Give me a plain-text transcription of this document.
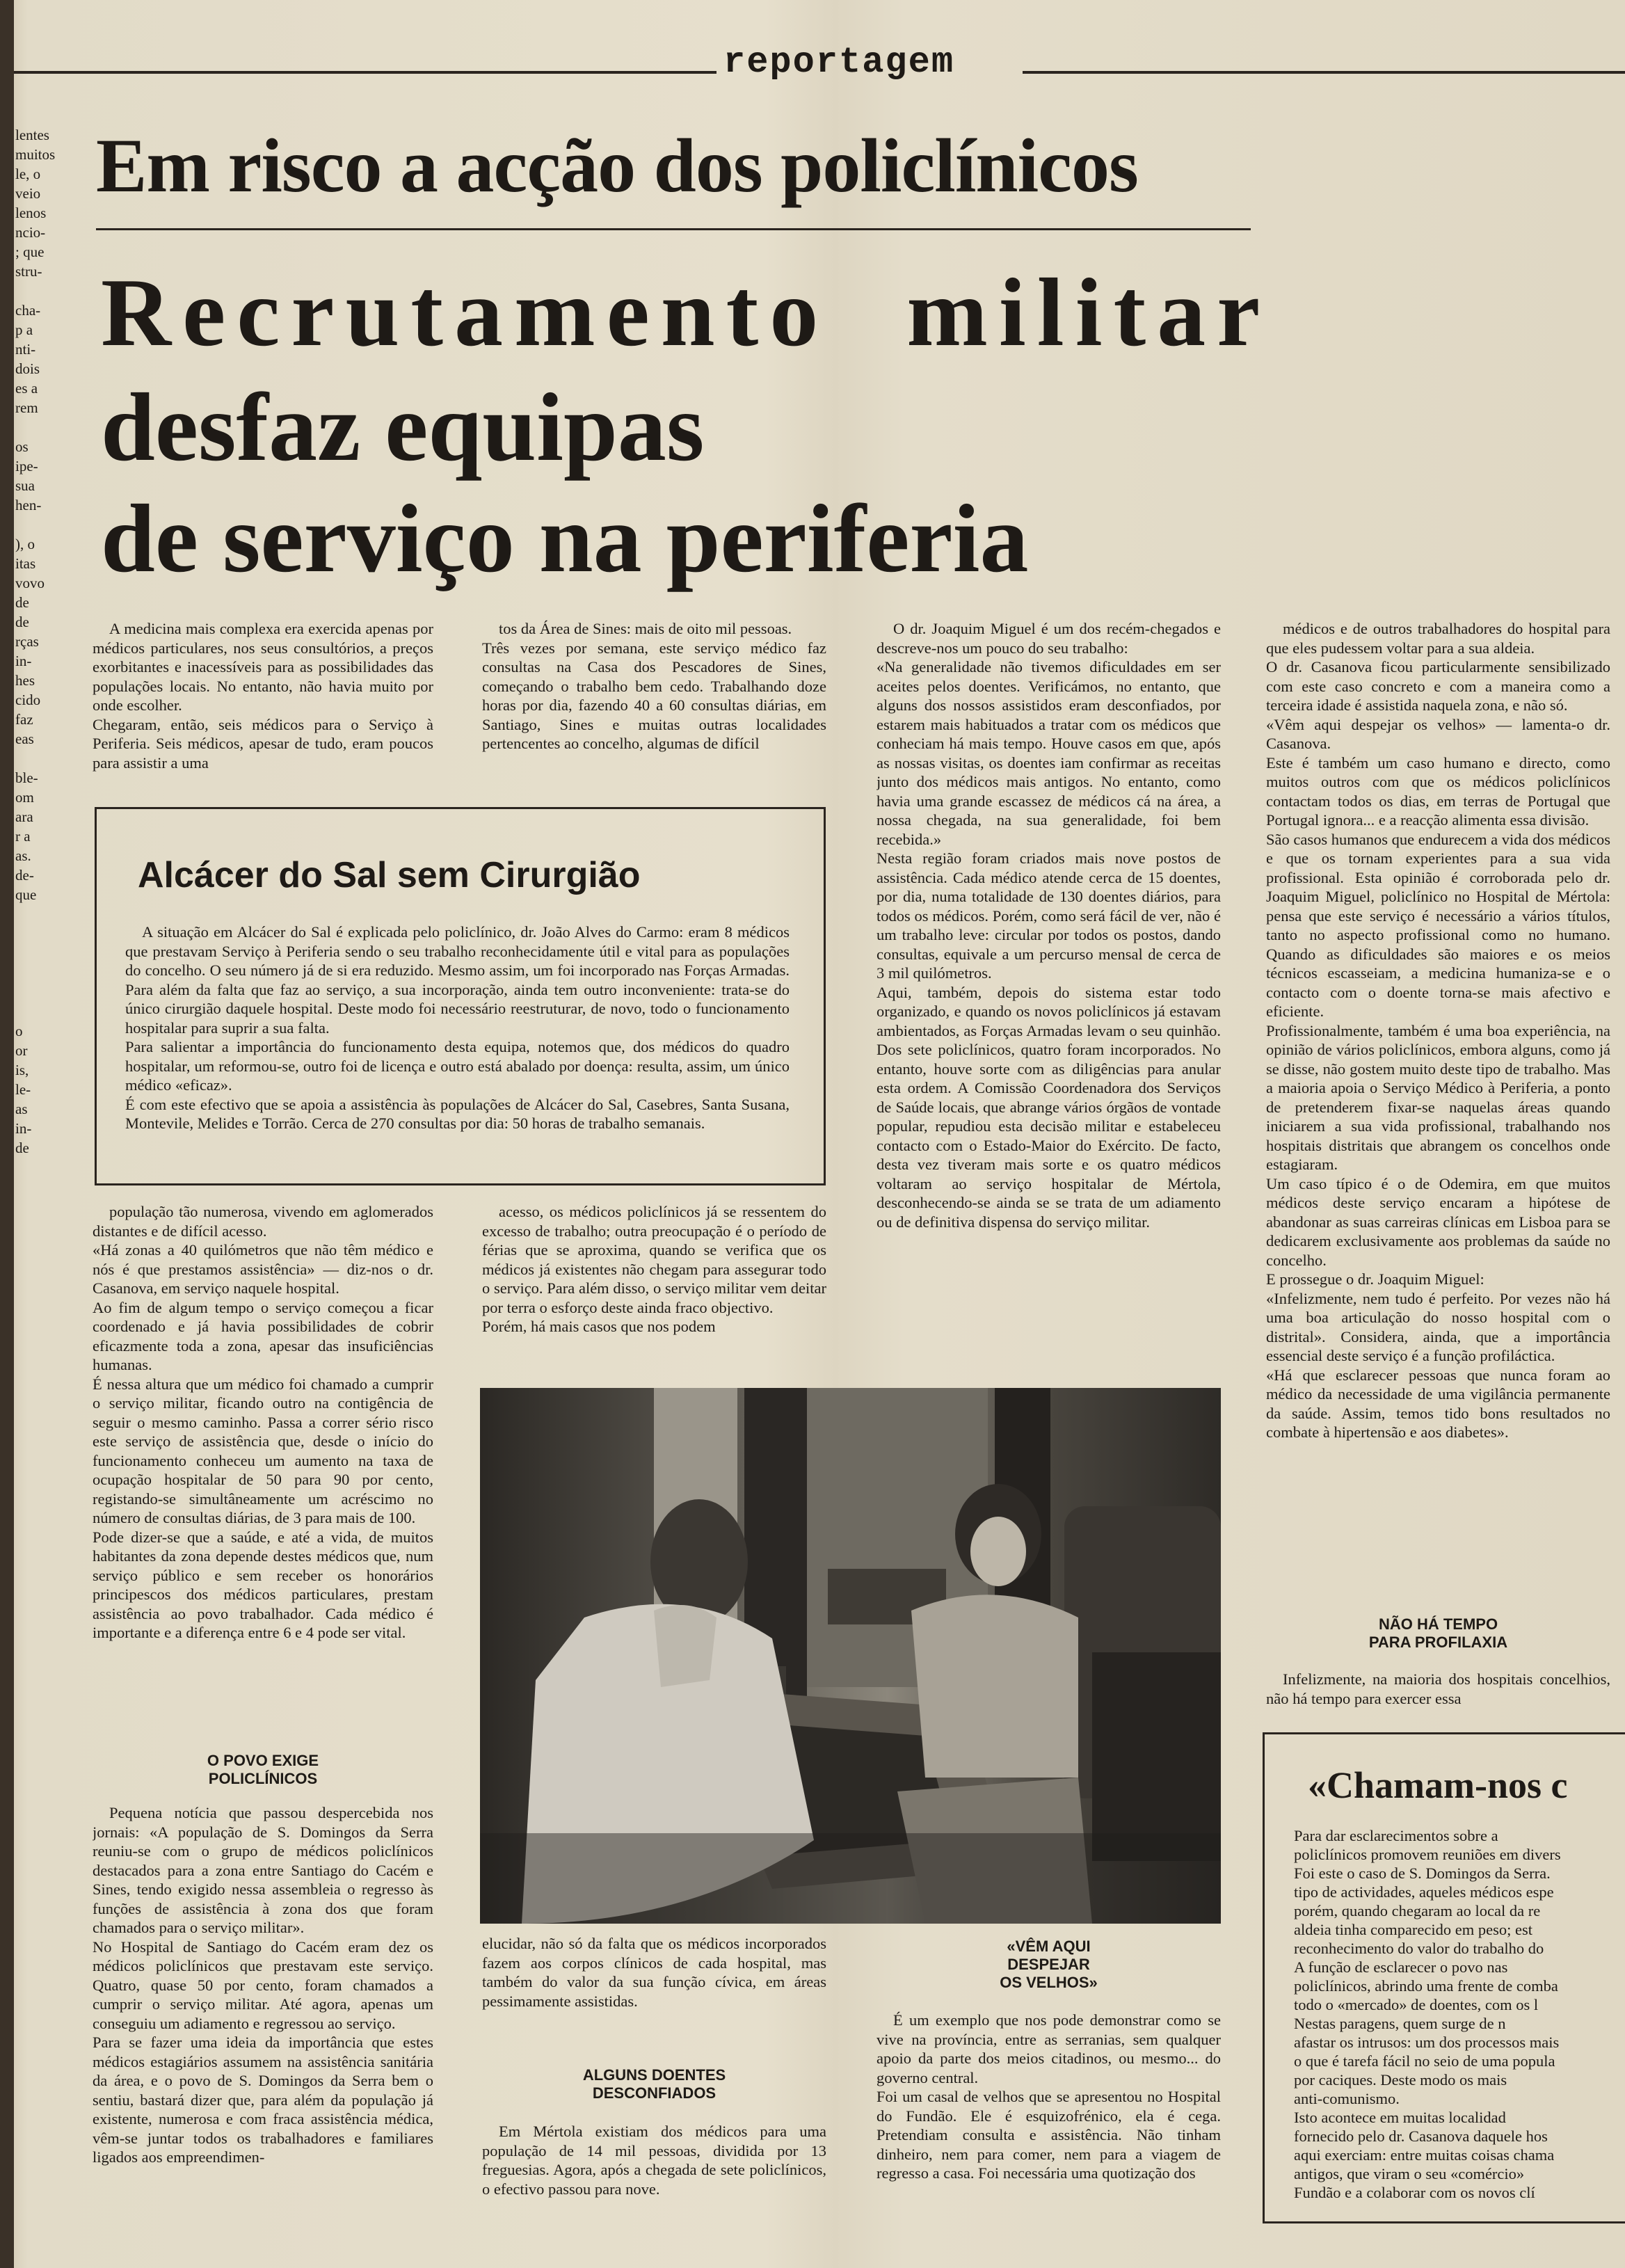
lentes
muitos
le, o
veio
lenos
ncio-
; que
stru-

cha-
p a
nti-
dois
es a
rem

os
ipe-
sua
hen-

), o
itas
vovo
de
de
rças
in-
hes
cido
faz
eas

ble-
om
ara
r a
as.
de-
que

o
or
is,
le-
as
in-
de
reportagem
Em risco a acção dos policlínicos
Recrutamento militar
desfaz equipas
de serviço na periferia

A medicina mais complexa era exercida apenas por médicos particulares, nos seus consultórios, a preços exorbitantes e inacessíveis para as possibilidades das populações locais. No entanto, não havia muito por onde escolher.
Chegaram, então, seis médicos para o Serviço à Periferia. Seis médicos, apesar de tudo, eram poucos para assistir a uma

tos da Área de Sines: mais de oito mil pessoas.
Três vezes por semana, este serviço médico faz consultas na Casa dos Pescadores de Sines, começando o trabalho bem cedo. Trabalhando doze horas por dia, fazendo 40 a 60 consultas diárias, em Santiago, Sines e muitas outras localidades pertencentes ao concelho, algumas de difícil

Alcácer do Sal sem Cirurgião

A situação em Alcácer do Sal é explicada pelo policlínico, dr. João Alves do Carmo: eram 8 médicos que prestavam Serviço à Periferia sendo o seu trabalho reconhecidamente útil e vital para as populações do concelho. O seu número já de si era reduzido. Mesmo assim, um foi incorporado nas Forças Armadas. Para além da falta que faz ao serviço, a sua incorporação, ainda tem outro inconveniente: trata-se do único cirurgião daquele hospital. Deste modo foi necessário reestruturar, de novo, todo o funcionamento hospitalar para suprir a sua falta.
Para salientar a importância do funcionamento desta equipa, notemos que, dos médicos do quadro hospitalar, um reformou-se, outro foi de licença e outro está abalado por doença: resulta, assim, um único médico «eficaz».
É com este efectivo que se apoia a assistência às populações de Alcácer do Sal, Casebres, Santa Susana, Montevile, Melides e Torrão. Cerca de 270 consultas por dia: 50 horas de trabalho semanais.

população tão numerosa, vivendo em aglomerados distantes e de difícil acesso.
«Há zonas a 40 quilómetros que não têm médico e nós é que prestamos assistência» — diz-nos o dr. Casanova, em serviço naquele hospital.
Ao fim de algum tempo o serviço começou a ficar coordenado e já havia possibilidades de cobrir eficazmente toda a zona, apesar das insuficiências humanas.
É nessa altura que um médico foi chamado a cumprir o serviço militar, ficando outro na contigência de seguir o mesmo caminho. Passa a correr sério risco este serviço de assistência que, desde o início do funcionamento conheceu um aumento na taxa de ocupação hospitalar de 50 para 90 por cento, registando-se simultâneamente um acréscimo no número de consultas diárias, de 3 para mais de 100.
Pode dizer-se que a saúde, e até a vida, de muitos habitantes da zona depende destes médicos que, num serviço público e sem receber os honorários principescos dos médicos particulares, prestam assistência ao povo trabalhador. Cada médico é importante e a diferença entre 6 e 4 pode ser vital.

O POVO EXIGE
POLICLÍNICOS

Pequena notícia que passou despercebida nos jornais: «A população de S. Domingos da Serra reuniu-se com o grupo de médicos policlínicos destacados para a zona entre Santiago do Cacém e Sines, tendo exigido nessa assembleia o regresso às funções de assistência à zona dos que foram chamados para o serviço militar».
No Hospital de Santiago do Cacém eram dez os médicos policlínicos que prestavam este serviço. Quatro, quase 50 por cento, foram chamados a cumprir o serviço militar. Até agora, apenas um conseguiu um adiamento e regressou ao serviço.
Para se fazer uma ideia da importância que estes médicos estagiários assumem na assistência sanitária da área, e o povo de S. Domingos da Serra bem o sentiu, bastará dizer que, para além da população já existente, numerosa e com fraca assistência médica, vêm-se juntar todos os trabalhadores e familiares ligados aos empreendimen-

acesso, os médicos policlínicos já se ressentem do excesso de trabalho; outra preocupação é o período de férias que se aproxima, quando se verifica que os médicos já existentes não chegam para assegurar todo o serviço. Para além disso, o serviço militar vem deitar por terra o esforço deste ainda fraco objectivo.
Porém, há mais casos que nos podem

elucidar, não só da falta que os médicos incorporados fazem aos corpos clínicos de cada hospital, mas também do valor da sua função cívica, em áreas pessimamente assistidas.

ALGUNS DOENTES
DESCONFIADOS

Em Mértola existiam dos médicos para uma população de 14 mil pessoas, dividida por 13 freguesias. Agora, após a chegada de sete policlínicos, o efectivo passou para nove.

O dr. Joaquim Miguel é um dos recém-chegados e descreve-nos um pouco do seu trabalho:
«Na generalidade não tivemos dificuldades em ser aceites pelos doentes. Verificámos, no entanto, que alguns dos nossos assistidos eram desconfiados, por estarem mais habituados a tratar com os médicos que conheciam há mais tempo. Houve casos em que, após as nossas visitas, os doentes iam confirmar as receitas junto dos médicos mais antigos. No entanto, como havia uma grande escassez de médicos cá na área, a nossa chegada, na sua generalidade, foi bem recebida.»
Nesta região foram criados mais nove postos de assistência. Cada médico atende cerca de 15 doentes, por dia, numa totalidade de 130 doentes diários, para todos os médicos. Porém, como será fácil de ver, não é um trabalho leve: circular por todos os postos, dando consultas, equivale a um percurso mensal de cerca de 3 mil quilómetros.
Aqui, também, depois do sistema estar todo organizado, e quando os novos policlínicos já estavam ambientados, as Forças Armadas levam o seu quinhão. Dos sete policlínicos, quatro foram incorporados. No entanto, houve sorte com as diligências para anular esta ordem. A Comissão Coordenadora dos Serviços de Saúde locais, que abrange vários órgãos de vontade popular, repudiou esta decisão militar e estabeleceu contacto com o Estado-Maior do Exército. De facto, desta vez tiveram mais sorte e os quatro médicos voltaram ao serviço hospitalar de Mértola, desconhecendo-se ainda se se trata de um adiamento ou de definitiva dispensa do serviço militar.

«VÊM AQUI
DESPEJAR
OS VELHOS»

É um exemplo que nos pode demonstrar como se vive na província, entre as serranias, sem qualquer apoio da parte dos meios citadinos, ou mesmo... do governo central.
Foi um casal de velhos que se apresentou no Hospital do Fundão. Ele é esquizofrénico, ela é cega. Pretendiam consulta e assistência. Não tinham dinheiro, nem para comer, nem para a viagem de regresso a casa. Foi necessária uma quotização dos

médicos e de outros trabalhadores do hospital para que eles pudessem voltar para a sua aldeia.
O dr. Casanova ficou particularmente sensibilizado com este caso concreto e com a maneira como a terceira idade é assistida naquela zona, e não só.
«Vêm aqui despejar os velhos» — lamenta-o dr. Casanova.
Este é também um caso humano e directo, como muitos outros com que os médicos policlínicos contactam todos os dias, em terras de Portugal que Portugal ignora... e a reacção alimenta essa divisão.
São casos humanos que endurecem a vida dos médicos e que os tornam experientes para a sua vida profissional. Esta opinião é corroborada pelo dr. Joaquim Miguel, policlínico no Hospital de Mértola: pensa que este serviço é necessário a vários títulos, tanto no aspecto profissional como no humano. Quando as dificuldades são maiores e os meios técnicos escasseiam, a medicina humaniza-se e o contacto com o doente torna-se mais afectivo e eficiente.
Profissionalmente, também é uma boa experiência, na opinião de vários policlínicos, embora alguns, como já se disse, não gostem muito deste tipo de trabalho. Mas a maioria apoia o Serviço Médico à Periferia, a ponto de pretenderem fixar-se naquelas áreas quando iniciarem a sua vida profissional, trabalhando nos hospitais distritais que abrangem os concelhos onde estagiaram.
Um caso típico é o de Odemira, em que muitos médicos deste serviço encaram a hipótese de abandonar as suas carreiras clínicas em Lisboa para se dedicarem exclusivamente aos problemas da saúde no concelho.
E prossegue o dr. Joaquim Miguel:
«Infelizmente, nem tudo é perfeito. Por vezes não há uma boa articulação do nosso hospital com o distrital». Considera, ainda, que a importância essencial deste serviço é a função profiláctica.
«Há que esclarecer pessoas que nunca foram ao médico da necessidade de uma vigilância permanente da saúde. Assim, temos tido bons resultados no combate à hipertensão e aos diabetes».

NÃO HÁ TEMPO
PARA PROFILAXIA

Infelizmente, na maioria dos hospitais concelhios, não há tempo para exercer essa

«Chamam-nos c
Para dar esclarecimentos sobre a
policlínicos promovem reuniões em divers
Foi este o caso de S. Domingos da Serra.
tipo de actividades, aqueles médicos espe
porém, quando chegaram ao local da re
aldeia tinha comparecido em peso; est
reconhecimento do valor do trabalho do
A função de esclarecer o povo nas
policlínicos, abrindo uma frente de comba
todo o «mercado» de doentes, com os l
Nestas paragens, quem surge de n
afastar os intrusos: um dos processos mais
o que é tarefa fácil no seio de uma popula
por caciques. Deste modo os mais
anti-comunismo.
Isto acontece em muitas localidad
fornecido pelo dr. Casanova daquele hos
aqui exerciam: entre muitas coisas chama
antigos, que viram o seu «comércio»
Fundão e a colaborar com os novos clí
